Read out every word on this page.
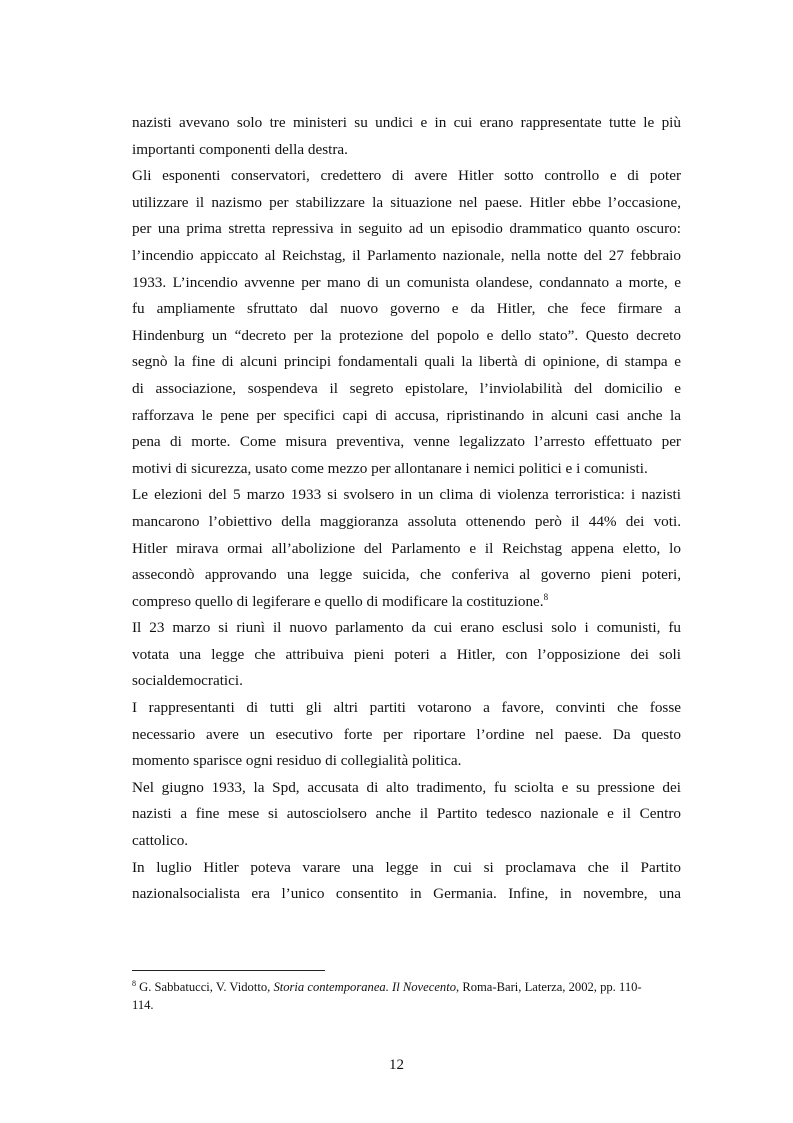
nazisti avevano solo tre ministeri su undici e in cui erano rappresentate tutte le più
importanti componenti della destra.

Gli esponenti conservatori, credettero di avere Hitler sotto controllo e di poter
utilizzare il nazismo per stabilizzare la situazione nel paese. Hitler ebbe l’occasione,
per una prima stretta repressiva in seguito ad un episodio drammatico quanto oscuro:
l’incendio appiccato al Reichstag, il Parlamento nazionale, nella notte del 27 febbraio
1933. L’incendio avvenne per mano di un comunista olandese, condannato a morte, e
fu ampliamente sfruttato dal nuovo governo e da Hitler, che fece firmare a
Hindenburg un “decreto per la protezione del popolo e dello stato”. Questo decreto
segnò la fine di alcuni principi fondamentali quali la libertà di opinione, di stampa e
di associazione, sospendeva il segreto epistolare, l’inviolabilità del domicilio e
rafforzava le pene per specifici capi di accusa, ripristinando in alcuni casi anche la
pena di morte. Come misura preventiva, venne legalizzato l’arresto effettuato per
motivi di sicurezza, usato come mezzo per allontanare i nemici politici e i comunisti.

Le elezioni del 5 marzo 1933 si svolsero in un clima di violenza terroristica: i nazisti
mancarono l’obiettivo della maggioranza assoluta ottenendo però il 44% dei voti.
Hitler mirava ormai all’abolizione del Parlamento e il Reichstag appena eletto, lo
assecondò approvando una legge suicida, che conferiva al governo pieni poteri,
compreso quello di legiferare e quello di modificare la costituzione.$^8$

Il 23 marzo si riunì il nuovo parlamento da cui erano esclusi solo i comunisti, fu
votata una legge che attribuiva pieni poteri a Hitler, con l’opposizione dei soli
socialdemocratici.

I rappresentanti di tutti gli altri partiti votarono a favore, convinti che fosse
necessario avere un esecutivo forte per riportare l’ordine nel paese. Da questo
momento sparisce ogni residuo di collegialità politica.

Nel giugno 1933, la Spd, accusata di alto tradimento, fu sciolta e su pressione dei
nazisti a fine mese si autosciolsero anche il Partito tedesco nazionale e il Centro
cattolico.

In luglio Hitler poteva varare una legge in cui si proclamava che il Partito
nazionalsocialista era l’unico consentito in Germania. Infine, in novembre, una

$^8$ G. Sabbatucci, V. Vidotto, Storia contemporanea. Il Novecento, Roma-Bari, Laterza, 2002, pp. 110-
114.
12
